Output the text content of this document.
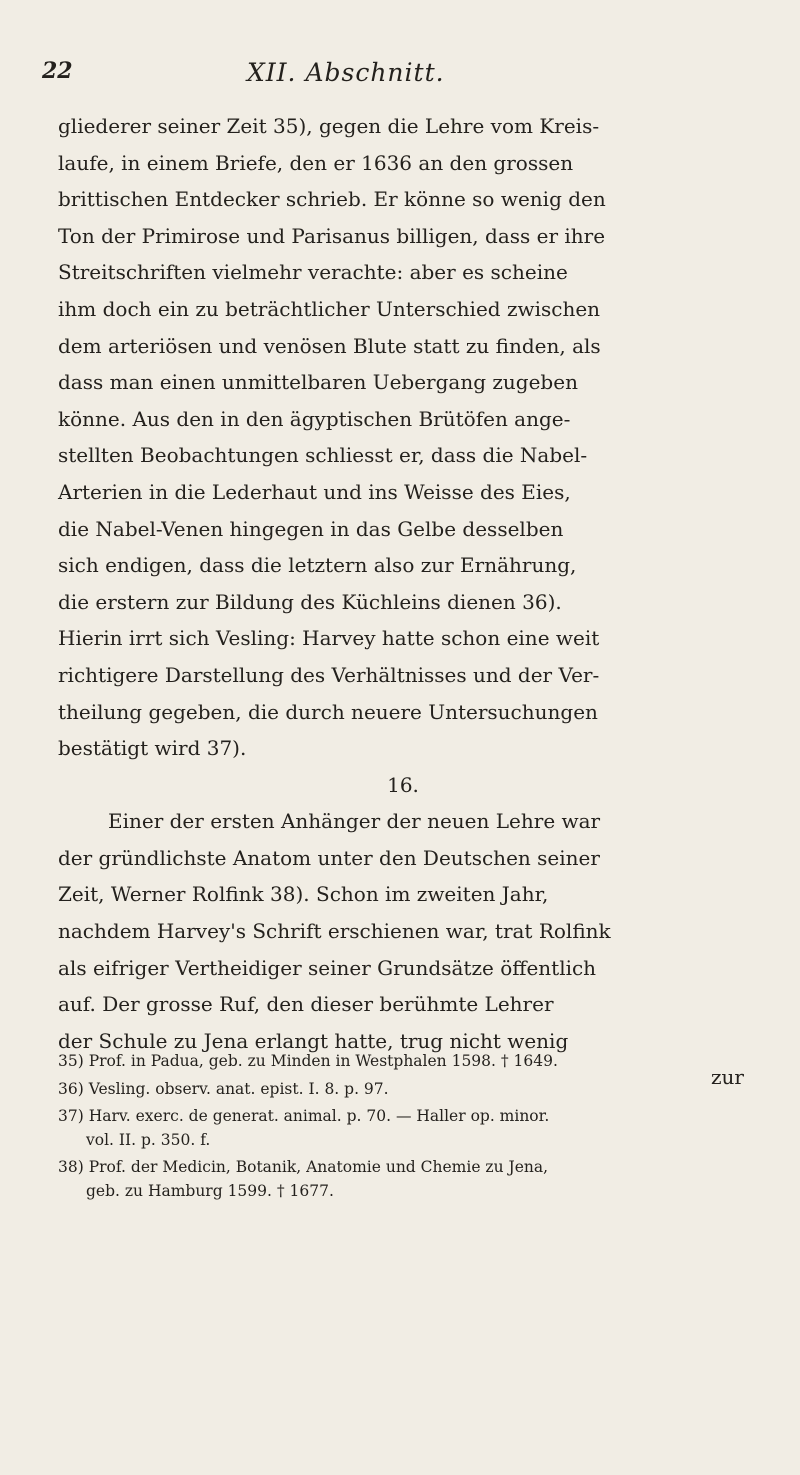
22	XII. Abschnitt.

gliederer seiner Zeit 35), gegen die Lehre vom Kreis-
laufe, in einem Briefe, den er 1636 an den grossen
brittischen Entdecker schrieb. Er könne so wenig den
Ton der Primirose und Parisanus billigen, dass er ihre
Streitschriften vielmehr verachte: aber es scheine
ihm doch ein zu beträchtlicher Unterschied zwischen
dem arteriösen und venösen Blute statt zu finden, als
dass man einen unmittelbaren Uebergang zugeben
könne. Aus den in den ägyptischen Brütöfen ange-
stellten Beobachtungen schliesst er, dass die Nabel-
Arterien in die Lederhaut und ins Weisse des Eies,
die Nabel-Venen hingegen in das Gelbe desselben
sich endigen, dass die letztern also zur Ernährung,
die erstern zur Bildung des Küchleins dienen 36).
Hierin irrt sich Vesling: Harvey hatte schon eine weit
richtigere Darstellung des Verhältnisses und der Ver-
theilung gegeben, die durch neuere Untersuchungen
bestätigt wird 37).

16.

Einer der ersten Anhänger der neuen Lehre war
der gründlichste Anatom unter den Deutschen seiner
Zeit, Werner Rolfink 38). Schon im zweiten Jahr,
nachdem Harvey's Schrift erschienen war, trat Rolfink
als eifriger Vertheidiger seiner Grundsätze öffentlich
auf. Der grosse Ruf, den dieser berühmte Lehrer
der Schule zu Jena erlangt hatte, trug nicht wenig
zur

35) Prof. in Padua, geb. zu Minden in Westphalen 1598. † 1649.

36) Vesling. observ. anat. epist. I. 8. p. 97.

37) Harv. exerc. de generat. animal. p. 70. — Haller op. minor.
vol. II. p. 350. f.

38) Prof. der Medicin, Botanik, Anatomie und Chemie zu Jena,
geb. zu Hamburg 1599. † 1677.
